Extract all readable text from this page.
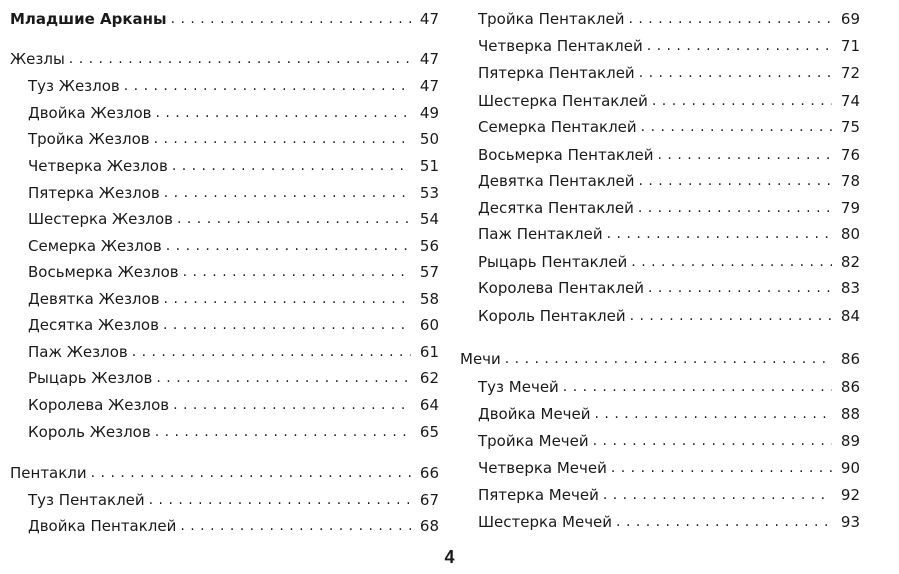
Младшие Арканы . . .	47
Жезлы . . .	47
Туз Жезлов . . .	47
Двойка Жезлов . . .	49
Тройка Жезлов . . .	50
Четверка Жезлов . . .	51
Пятерка Жезлов . . .	53
Шестерка Жезлов . . .	54
Семерка Жезлов . . .	56
Восьмерка Жезлов . . .	57
Девятка Жезлов . . .	58
Десятка Жезлов . . .	60
Паж Жезлов . . .	61
Рыцарь Жезлов . . .	62
Королева Жезлов . . .	64
Король Жезлов . . .	65
Пентакли . . .	66
Туз Пентаклей . . .	67
Двойка Пентаклей . . .	68
Тройка Пентаклей . . .	69
Четверка Пентаклей . . .	71
Пятерка Пентаклей . . .	72
Шестерка Пентаклей . . .	74
Семерка Пентаклей . . .	75
Восьмерка Пентаклей . . .	76
Девятка Пентаклей . . .	78
Десятка Пентаклей . . .	79
Паж Пентаклей . . .	80
Рыцарь Пентаклей . . .	82
Королева Пентаклей . . .	83
Король Пентаклей . . .	84
Мечи . . .	86
Туз Мечей . . .	86
Двойка Мечей . . .	88
Тройка Мечей . . .	89
Четверка Мечей . . .	90
Пятерка Мечей . . .	92
Шестерка Мечей . . .	93
4
